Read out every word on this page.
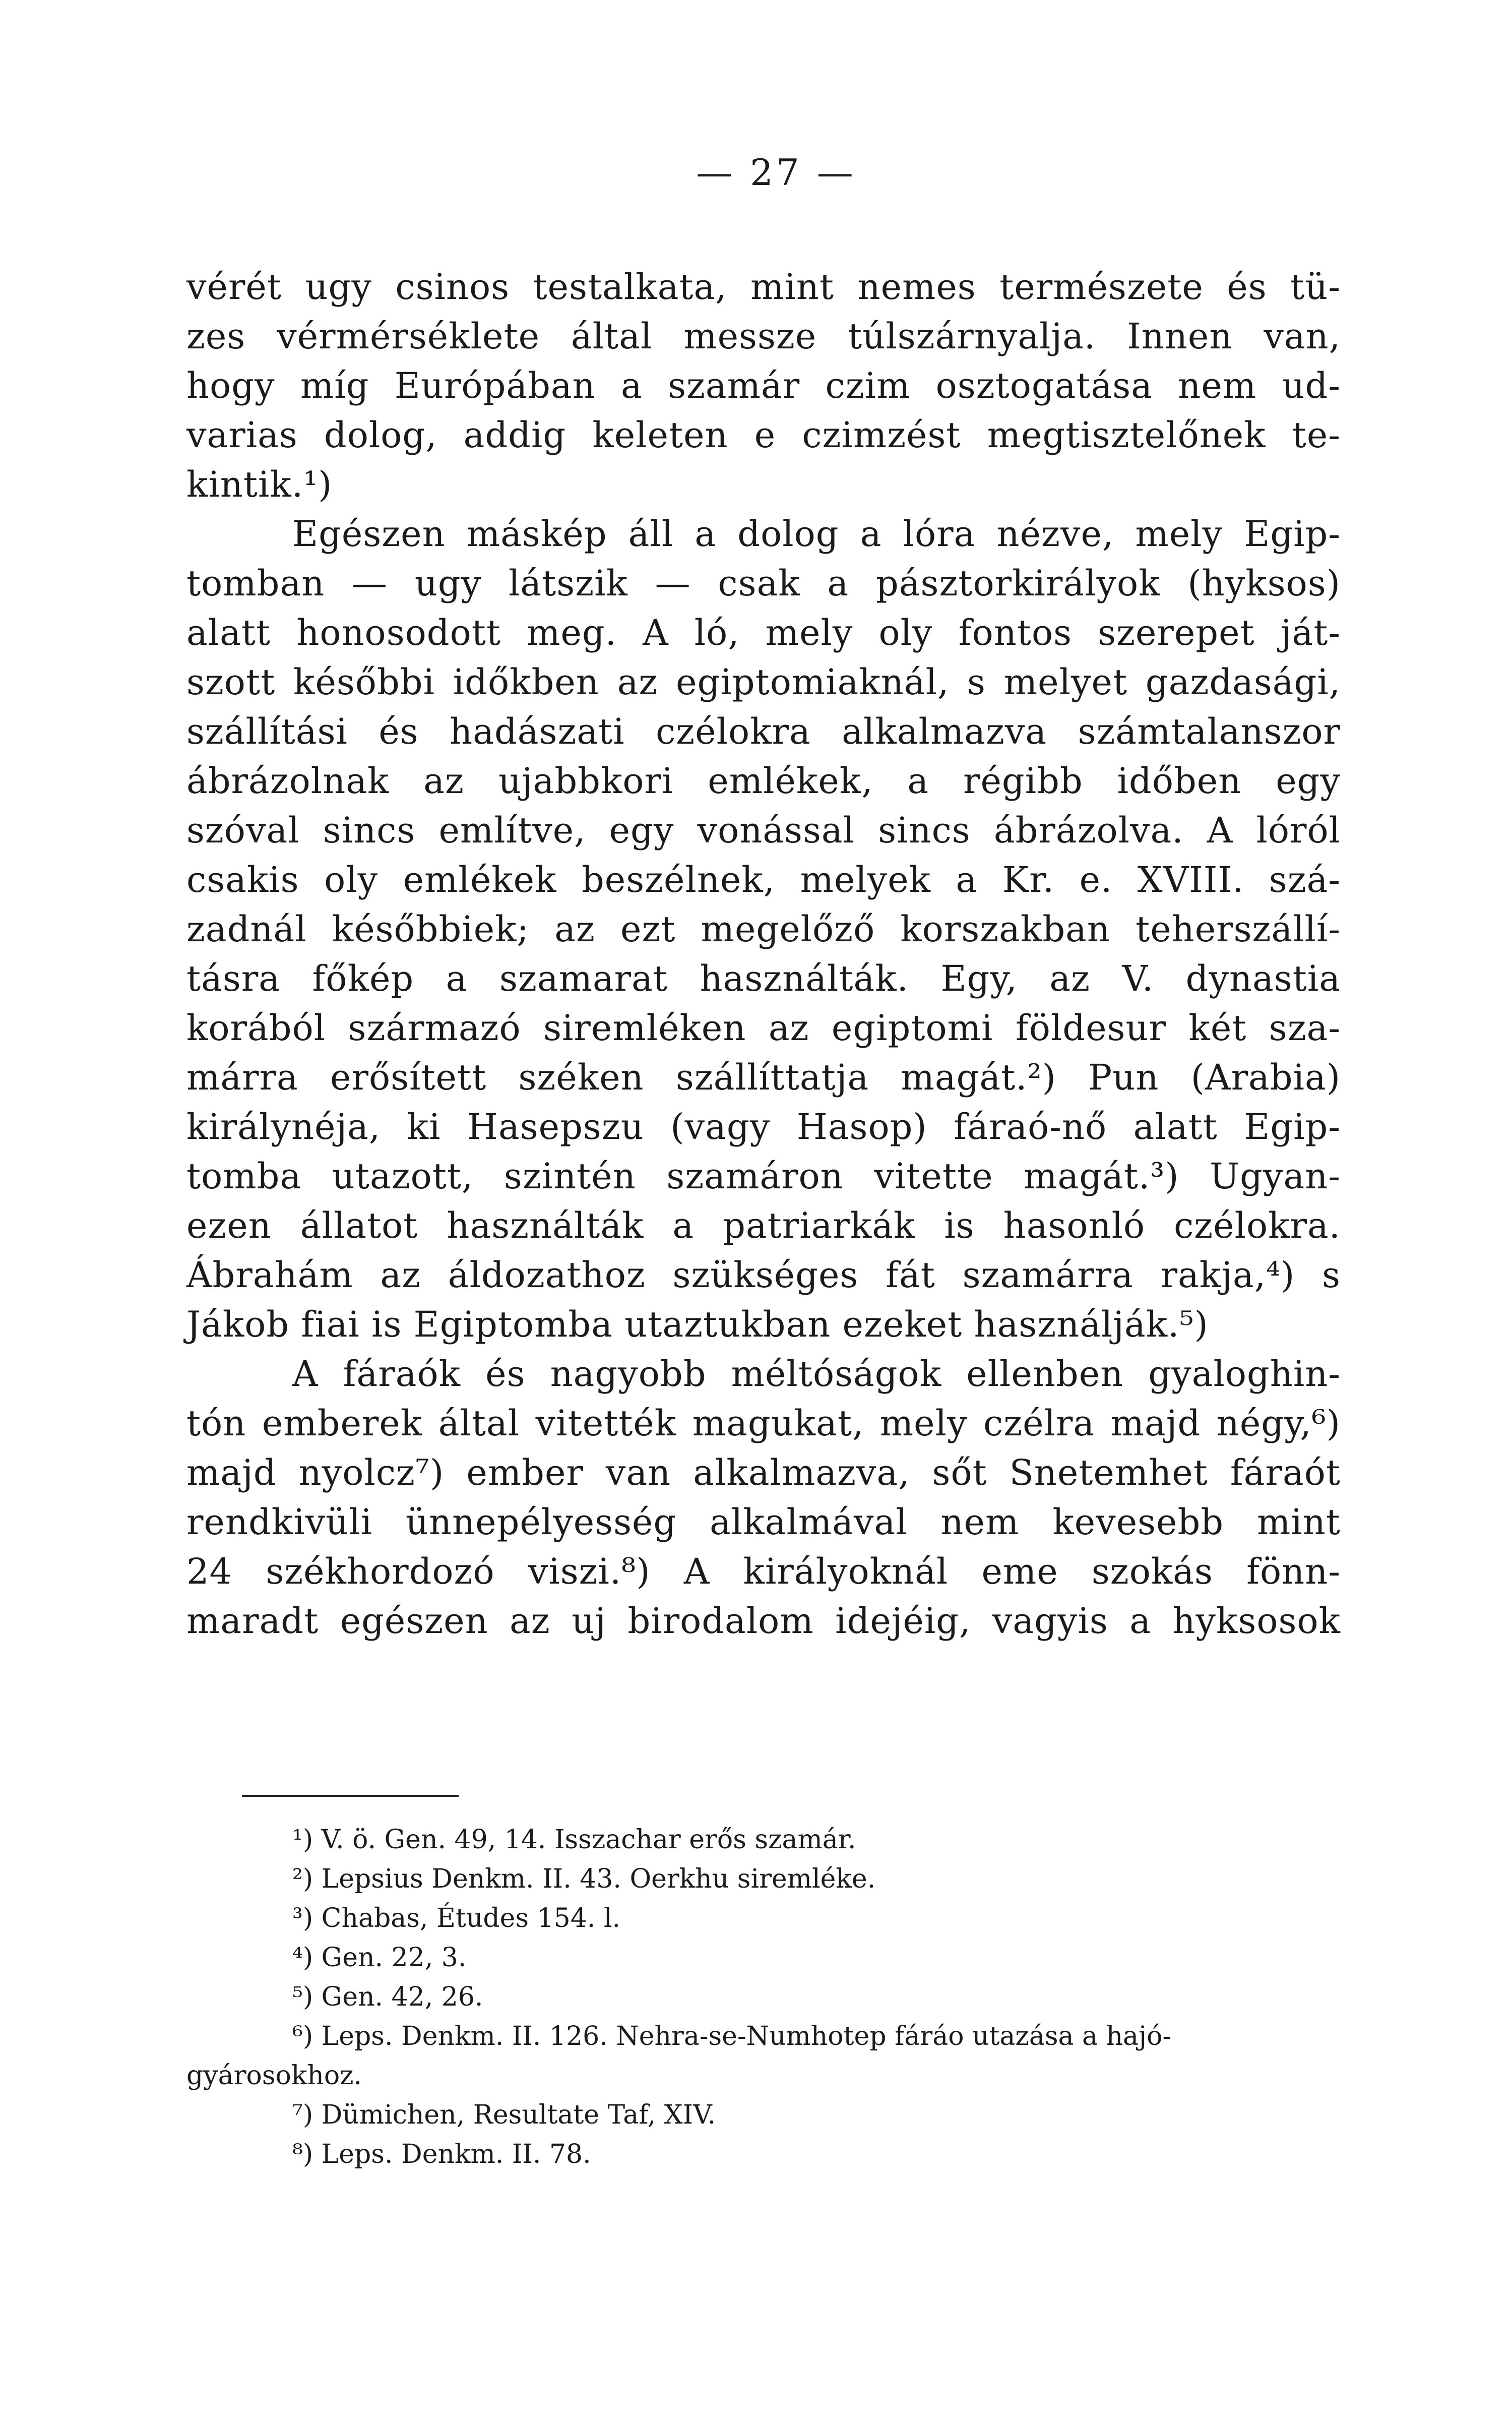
— 27 —
vérét ugy csinos testalkata, mint nemes természete és tü-
zes vérmérséklete által messze túlszárnyalja. Innen van,
hogy míg Európában a szamár czim osztogatása nem ud-
varias dolog, addig keleten e czimzést megtisztelőnek te-
kintik.¹)
Egészen máskép áll a dolog a lóra nézve, mely Egip-
tomban — ugy látszik — csak a pásztorkirályok (hyksos)
alatt honosodott meg. A ló, mely oly fontos szerepet ját-
szott későbbi időkben az egiptomiaknál, s melyet gazdasági,
szállítási és hadászati czélokra alkalmazva számtalanszor
ábrázolnak az ujabbkori emlékek, a régibb időben egy
szóval sincs említve, egy vonással sincs ábrázolva. A lóról
csakis oly emlékek beszélnek, melyek a Kr. e. XVIII. szá-
zadnál későbbiek; az ezt megelőző korszakban teherszállí-
tásra főkép a szamarat használták. Egy, az V. dynastia
korából származó siremléken az egiptomi földesur két sza-
márra erősített széken szállíttatja magát.²) Pun (Arabia)
királynéja, ki Hasepszu (vagy Hasop) fáraó-nő alatt Egip-
tomba utazott, szintén szamáron vitette magát.³) Ugyan-
ezen állatot használták a patriarkák is hasonló czélokra.
Ábrahám az áldozathoz szükséges fát szamárra rakja,⁴) s
Jákob fiai is Egiptomba utaztukban ezeket használják.⁵)
A fáraók és nagyobb méltóságok ellenben gyaloghin-
tón emberek által vitették magukat, mely czélra majd négy,⁶)
majd nyolcz⁷) ember van alkalmazva, sőt Snetemhet fáraót
rendkivüli ünnepélyesség alkalmával nem kevesebb mint
24 székhordozó viszi.⁸) A királyoknál eme szokás fönn-
maradt egészen az uj birodalom idejéig, vagyis a hyksosok
¹) V. ö. Gen. 49, 14. Isszachar erős szamár.
²) Lepsius Denkm. II. 43. Oerkhu siremléke.
³) Chabas, Études 154. l.
⁴) Gen. 22, 3.
⁵) Gen. 42, 26.
⁶) Leps. Denkm. II. 126. Nehra-se-Numhotep fáráo utazása a hajó-
gyárosokhoz.
⁷) Dümichen, Resultate Taf, XIV.
⁸) Leps. Denkm. II. 78.
